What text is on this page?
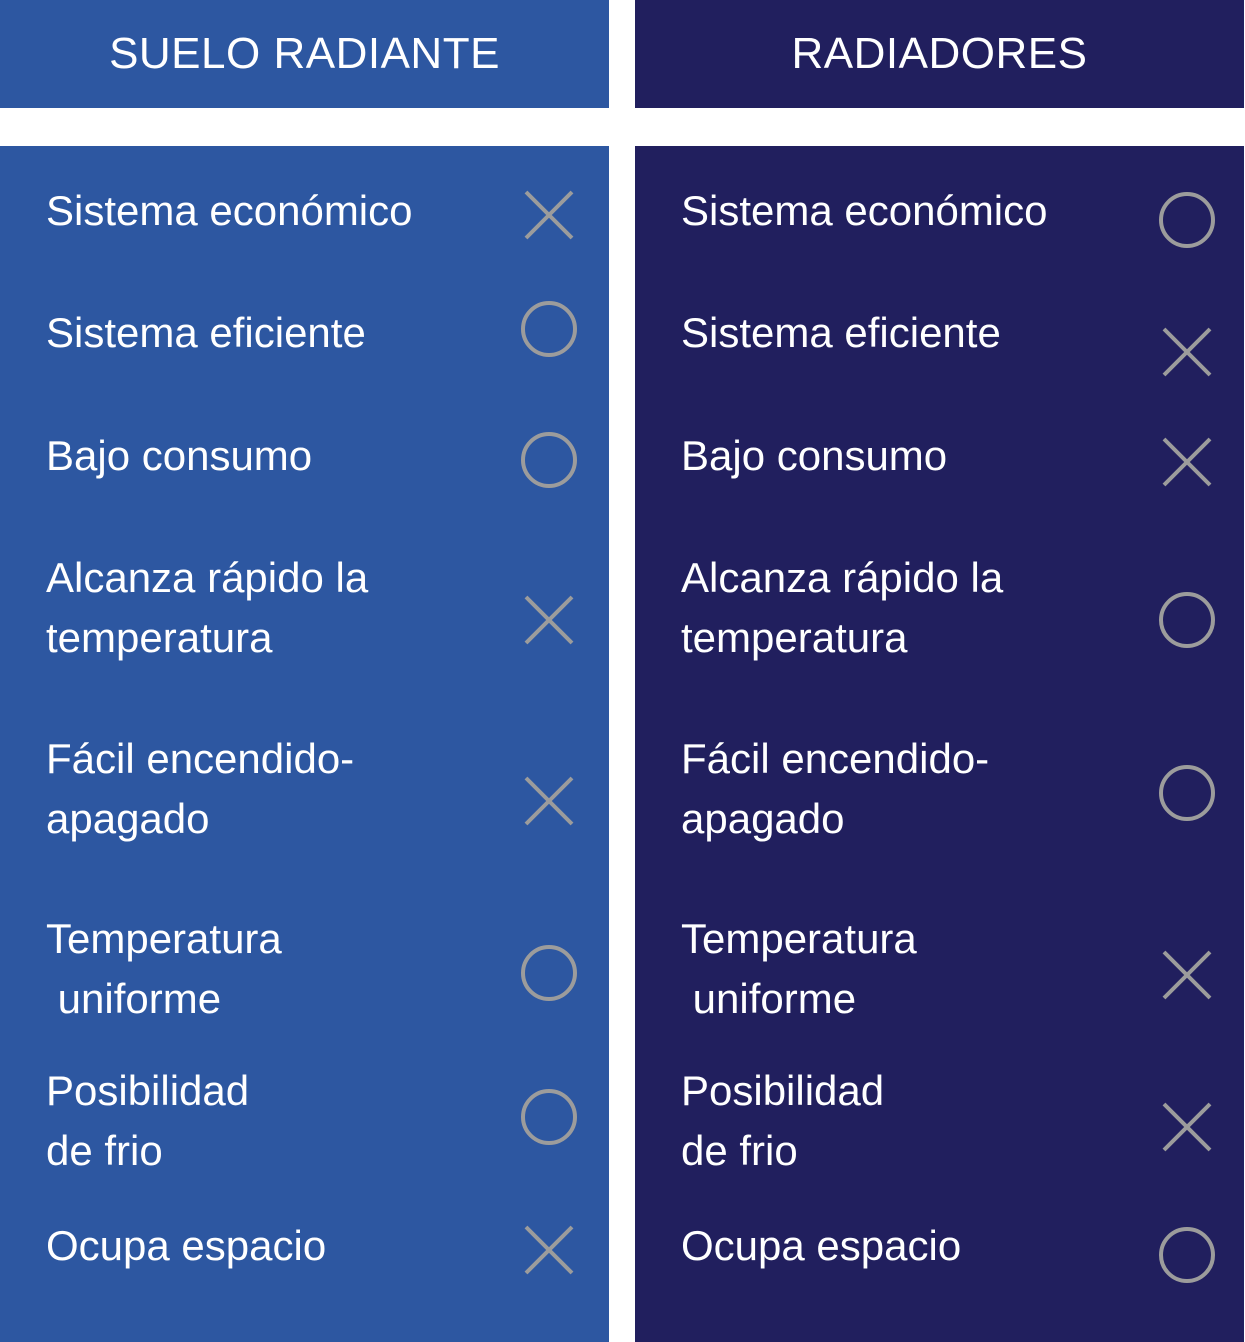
SUELO RADIANTE
Sistema económico
Sistema eficiente
Bajo consumo
Alcanza rápido la
temperatura
Fácil encendido-
apagado
Temperatura
uniforme
Posibilidad
de frio
Ocupa espacio
RADIADORES
Sistema económico
Sistema eficiente
Bajo consumo
Alcanza rápido la
temperatura
Fácil encendido-
apagado
Temperatura
uniforme
Posibilidad
de frio
Ocupa espacio
